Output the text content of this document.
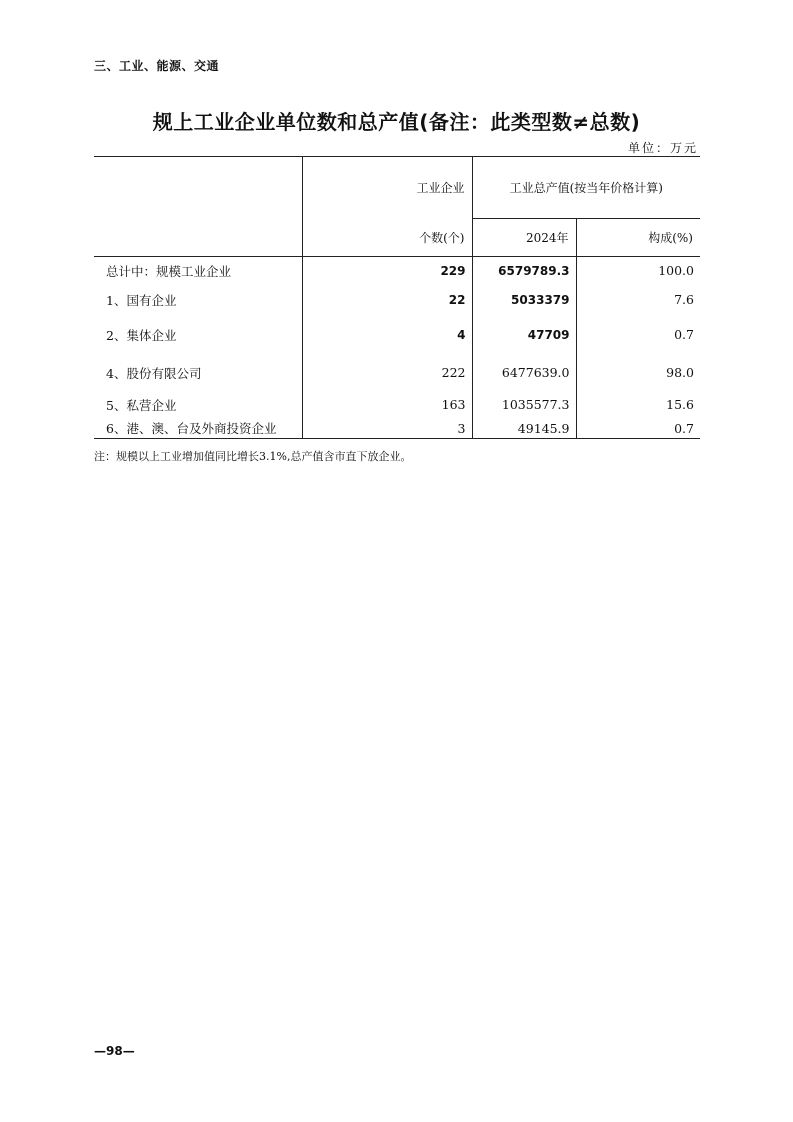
三、工业、能源、交通
规上工业企业单位数和总产值(备注：此类型数≠总数)
单位：万元
	工业企业	工业总产值(按当年价格计算)	
	个数(个)	2024年	构成(%)
总计中：规模工业企业	229	6579789.3	100.0
1、国有企业	22	5033379	7.6
2、集体企业	4	47709	0.7
4、股份有限公司	222	6477639.0	98.0
5、私营企业	163	1035577.3	15.6
6、港、澳、台及外商投资企业	3	49145.9	0.7
注：规模以上工业增加值同比增长3.1%,总产值含市直下放企业。
—98—
